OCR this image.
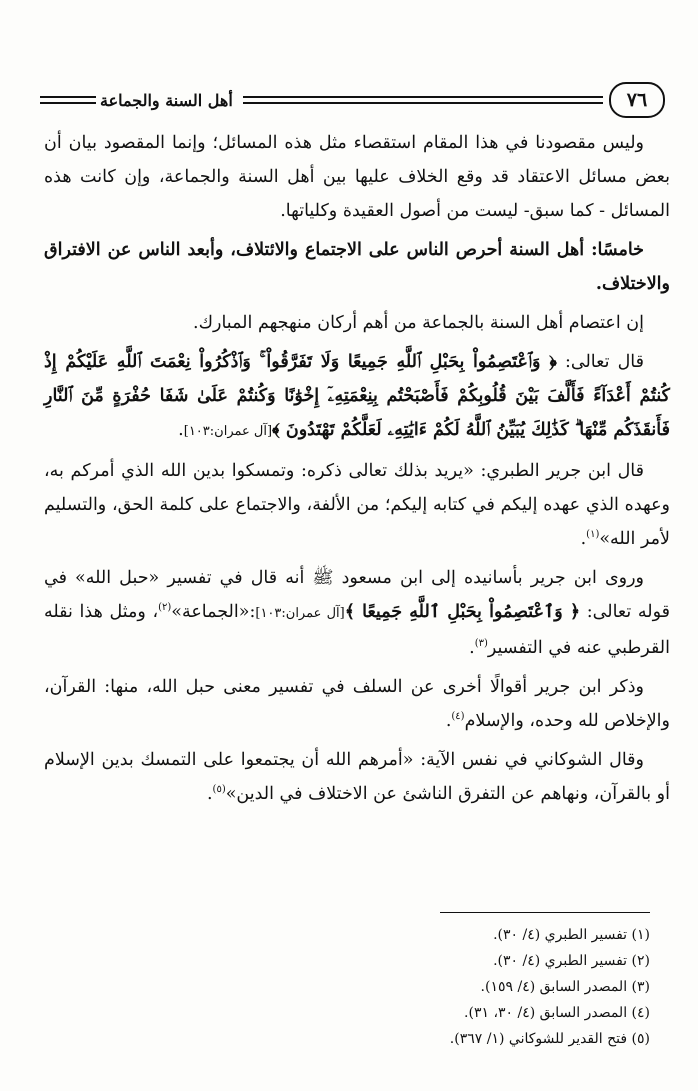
٧٦
أهل السنة والجماعة

وليس مقصودنا في هذا المقام استقصاء مثل هذه المسائل؛ وإنما المقصود بيان أن بعض مسائل الاعتقاد قد وقع الخلاف عليها بين أهل السنة والجماعة، وإن كانت هذه المسائل - كما سبق- ليست من أصول العقيدة وكلياتها.

خامسًا: أهل السنة أحرص الناس على الاجتماع والائتلاف، وأبعد الناس عن الافتراق والاختلاف.

إن اعتصام أهل السنة بالجماعة من أهم أركان منهجهم المبارك.

قال تعالى: ﴿ وَٱعْتَصِمُواْ بِحَبْلِ ٱللَّهِ جَمِيعًا وَلَا تَفَرَّقُواْ ۚ وَٱذْكُرُواْ نِعْمَتَ ٱللَّهِ عَلَيْكُمْ إِذْ كُنتُمْ أَعْدَآءً فَأَلَّفَ بَيْنَ قُلُوبِكُمْ فَأَصْبَحْتُم بِنِعْمَتِهِۦٓ إِخْوَٰنًا وَكُنتُمْ عَلَىٰ شَفَا حُفْرَةٍ مِّنَ ٱلنَّارِ فَأَنقَذَكُم مِّنْهَا ۗ كَذَٰلِكَ يُبَيِّنُ ٱللَّهُ لَكُمْ ءَايَٰتِهِۦ لَعَلَّكُمْ تَهْتَدُونَ ﴾[آل عمران:١٠٣].

قال ابن جرير الطبري: «يريد بذلك تعالى ذكره: وتمسكوا بدين الله الذي أمركم به، وعهده الذي عهده إليكم في كتابه إليكم؛ من الألفة، والاجتماع على كلمة الحق، والتسليم لأمر الله»$^{(١)}$.

وروى ابن جرير بأسانيده إلى ابن مسعود ﷺ أنه قال في تفسير «حبل الله» في قوله تعالى: ﴿ وَٱعْتَصِمُواْ بِحَبْلِ ٱللَّهِ جَمِيعًا ﴾[آل عمران:١٠٣]:«الجماعة»$^{(٢)}$، ومثل هذا نقله القرطبي عنه في التفسير$^{(٣)}$.

وذكر ابن جرير أقوالًا أخرى عن السلف في تفسير معنى حبل الله، منها: القرآن، والإخلاص لله وحده، والإسلام$^{(٤)}$.

وقال الشوكاني في نفس الآية: «أمرهم الله أن يجتمعوا على التمسك بدين الإسلام أو بالقرآن، ونهاهم عن التفرق الناشئ عن الاختلاف في الدين»$^{(٥)}$.

(١) تفسير الطبري (٤/ ٣٠).
(٢) تفسير الطبري (٤/ ٣٠).
(٣) المصدر السابق (٤/ ١٥٩).
(٤) المصدر السابق (٤/ ٣٠، ٣١).
(٥) فتح القدير للشوكاني (١/ ٣٦٧).
